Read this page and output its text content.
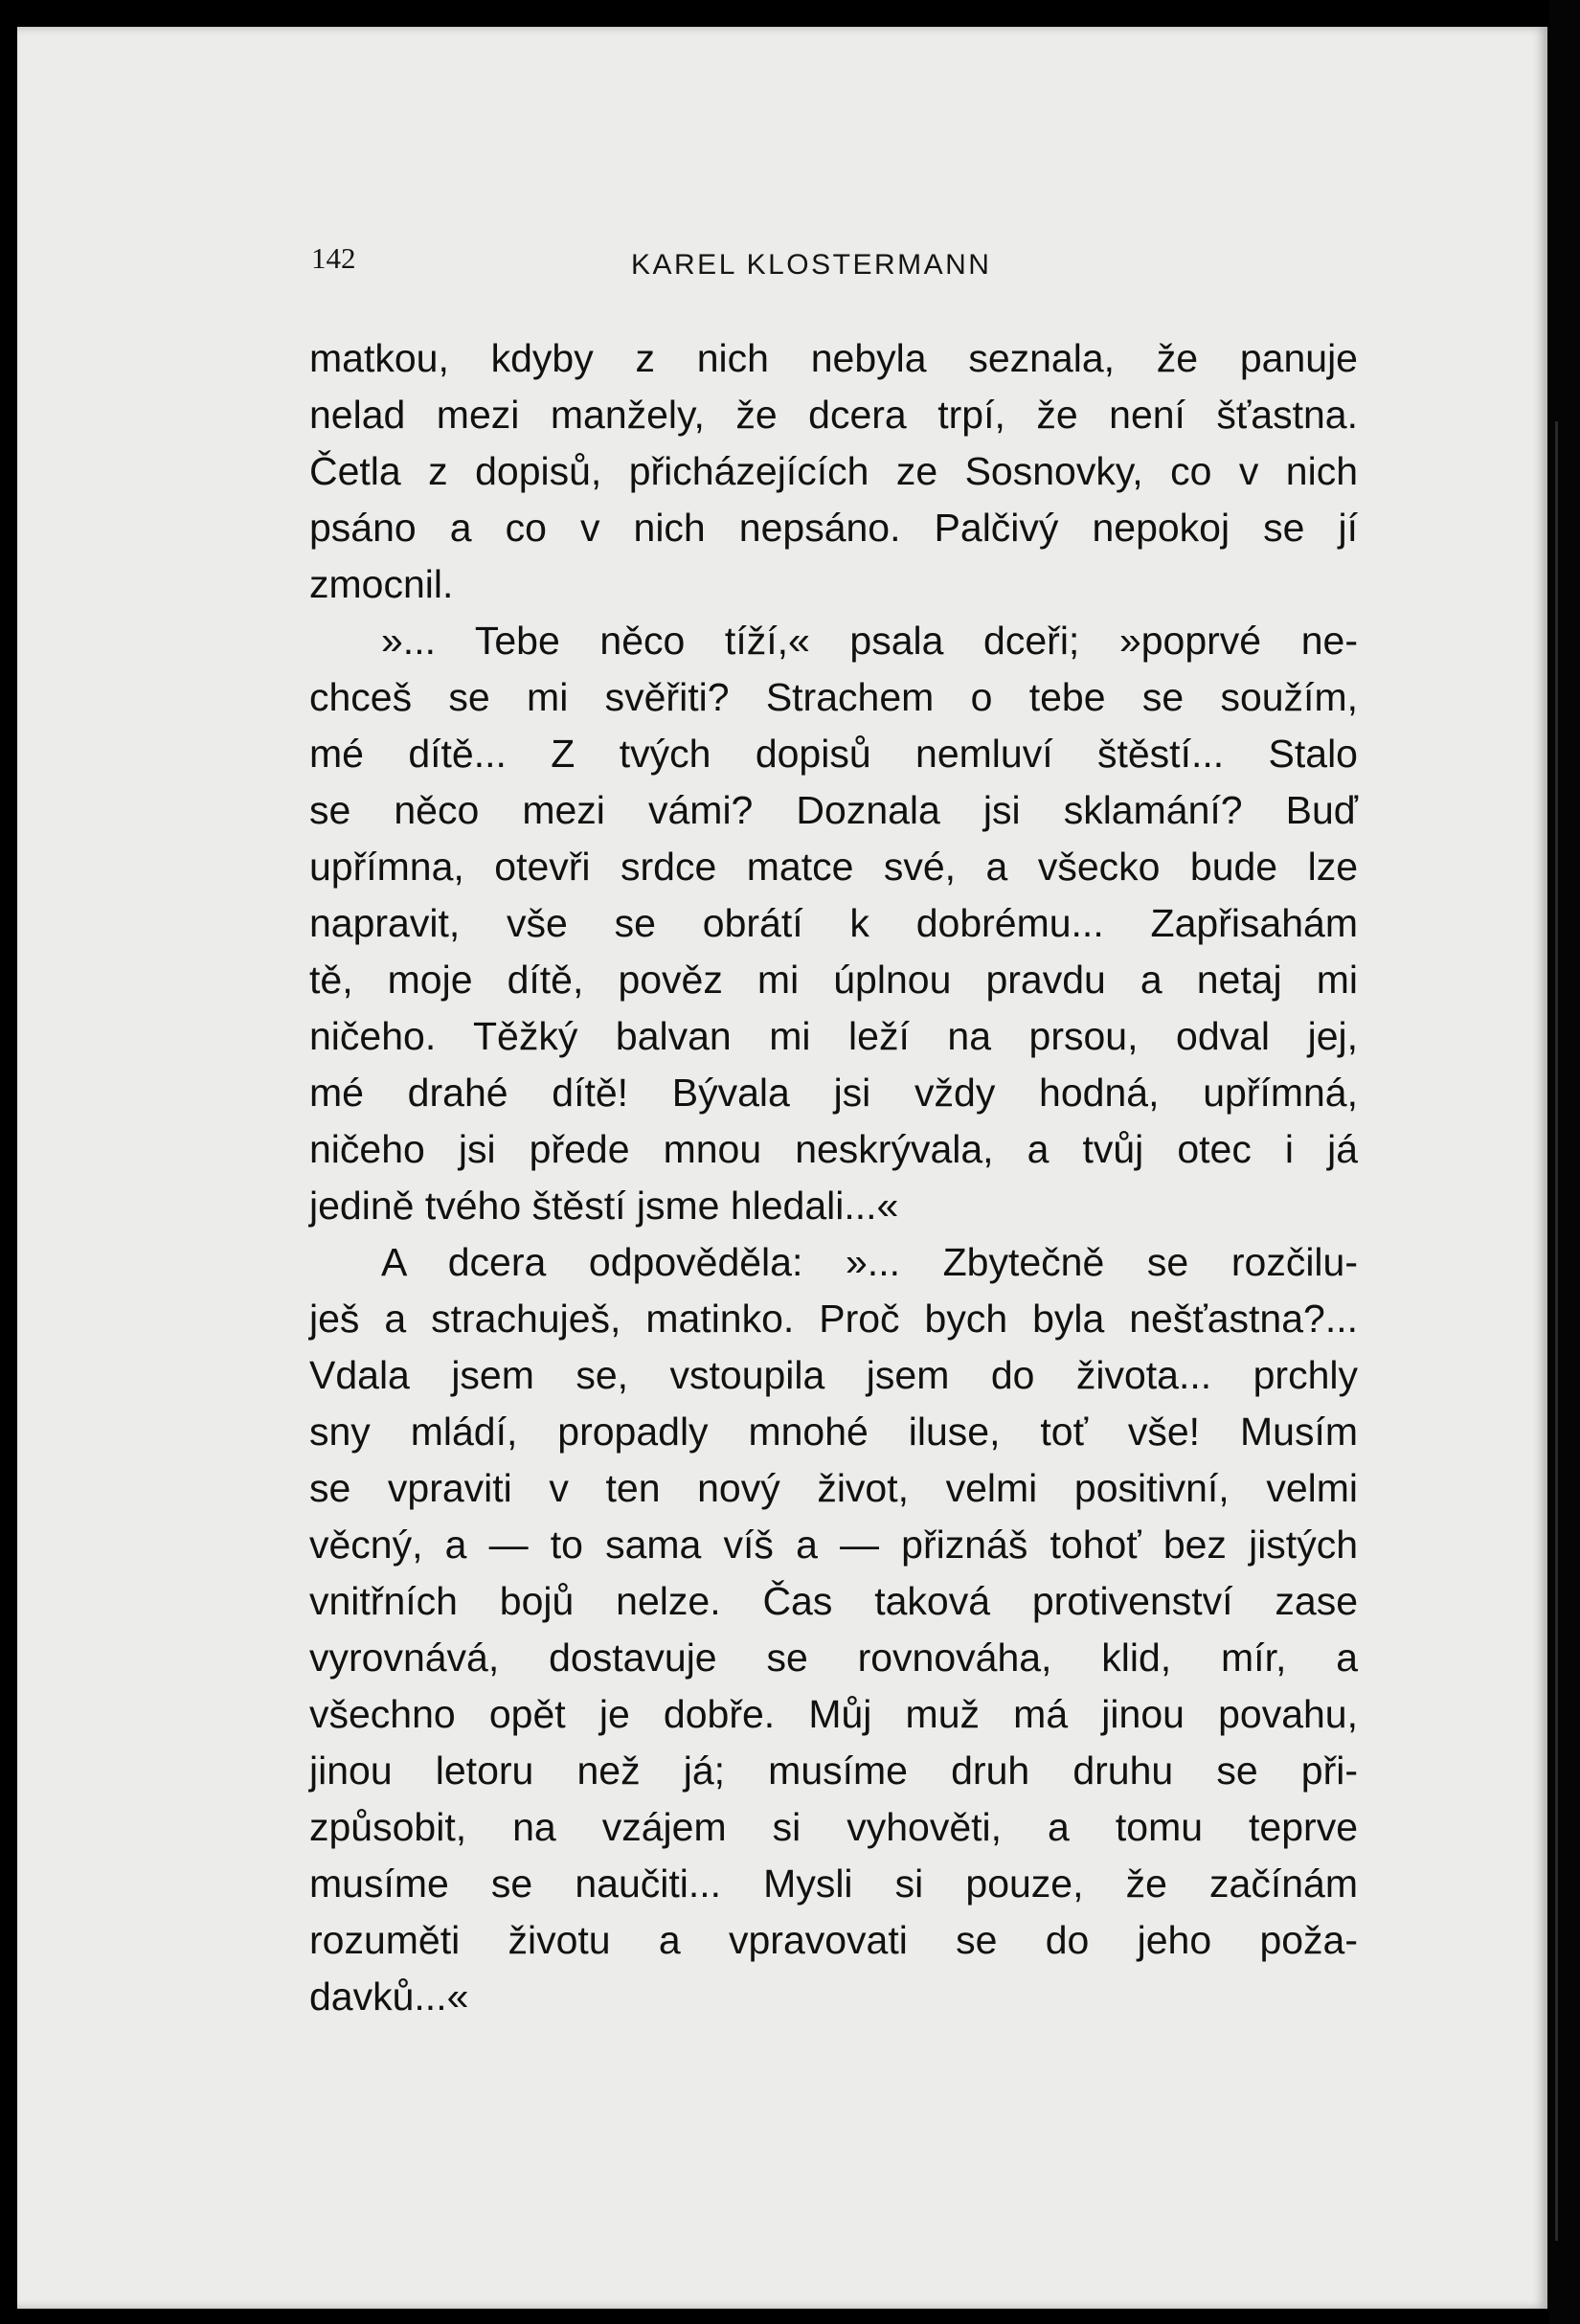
142	KAREL KLOSTERMANN
matkou, kdyby z nich nebyla seznala, že panuje
nelad mezi manžely, že dcera trpí, že není šťastna.
Četla z dopisů, přicházejících ze Sosnovky, co v nich
psáno a co v nich nepsáno. Palčivý nepokoj se jí
zmocnil.
»... Tebe něco tíží,« psala dceři; »poprvé ne-
chceš se mi svěřiti? Strachem o tebe se soužím,
mé dítě... Z tvých dopisů nemluví štěstí... Stalo
se něco mezi vámi? Doznala jsi sklamání? Buď
upřímna, otevři srdce matce své, a všecko bude lze
napravit, vše se obrátí k dobrému... Zapřisahám
tě, moje dítě, pověz mi úplnou pravdu a netaj mi
ničeho. Těžký balvan mi leží na prsou, odval jej,
mé drahé dítě! Bývala jsi vždy hodná, upřímná,
ničeho jsi přede mnou neskrývala, a tvůj otec i já
jedině tvého štěstí jsme hledali...«
A dcera odpověděla: »... Zbytečně se rozčilu-
ješ a strachuješ, matinko. Proč bych byla nešťastna?...
Vdala jsem se, vstoupila jsem do života... prchly
sny mládí, propadly mnohé iluse, toť vše! Musím
se vpraviti v ten nový život, velmi positivní, velmi
věcný, a — to sama víš a — přiznáš tohoť bez jistých
vnitřních bojů nelze. Čas taková protivenství zase
vyrovnává, dostavuje se rovnováha, klid, mír, a
všechno opět je dobře. Můj muž má jinou povahu,
jinou letoru než já; musíme druh druhu se při-
způsobit, na vzájem si vyhověti, a tomu teprve
musíme se naučiti... Mysli si pouze, že začínám
rozuměti životu a vpravovati se do jeho poža-
davků...«
